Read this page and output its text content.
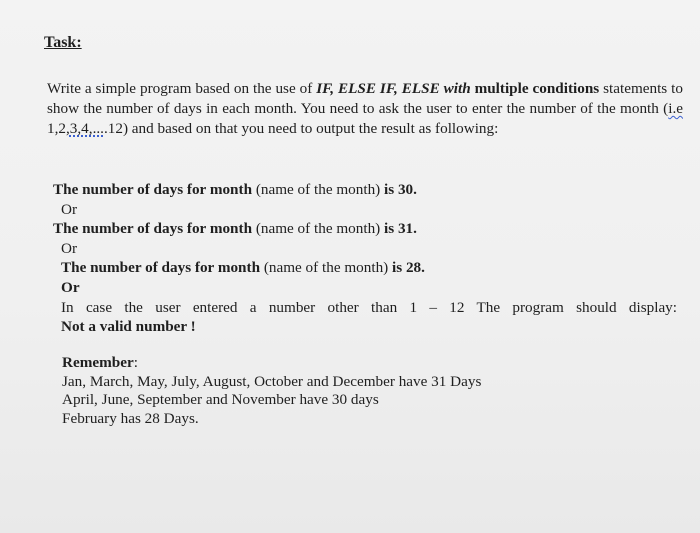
Task:

Write a simple program based on the use of IF, ELSE IF, ELSE with multiple conditions statements to show the number of days in each month. You need to ask the user to enter the number of the month (i.e 1,2,3,4,....12) and based on that you need to output the result as following:

The number of days for month (name of the month) is 30.
Or
The number of days for month (name of the month) is 31.
Or
The number of days for month (name of the month) is 28.
Or
In case the user entered a number other than 1 – 12 The program should display:
Not a valid number !
Remember:
Jan, March, May, July, August, October and December have 31 Days
April, June, September and November have 30 days
February has 28 Days.
